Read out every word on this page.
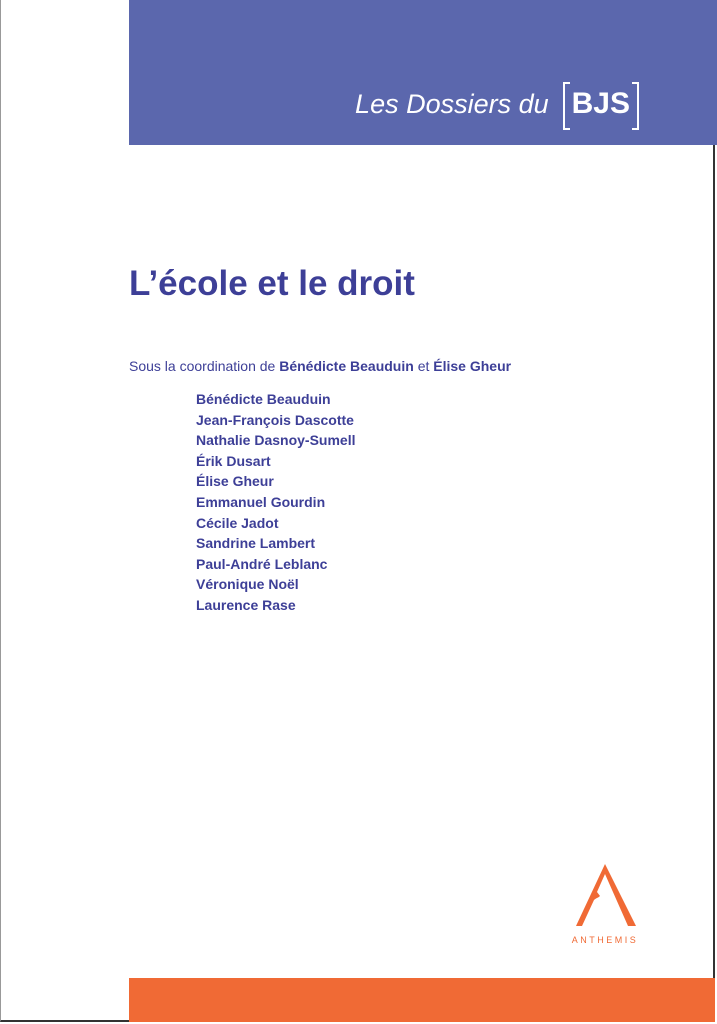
Les Dossiers du BJS
L’école et le droit
Sous la coordination de Bénédicte Beauduin et Élise Gheur
Bénédicte Beauduin
Jean-François Dascotte
Nathalie Dasnoy-Sumell
Érik Dusart
Élise Gheur
Emmanuel Gourdin
Cécile Jadot
Sandrine Lambert
Paul-André Leblanc
Véronique Noël
Laurence Rase
ANTHEMIS
